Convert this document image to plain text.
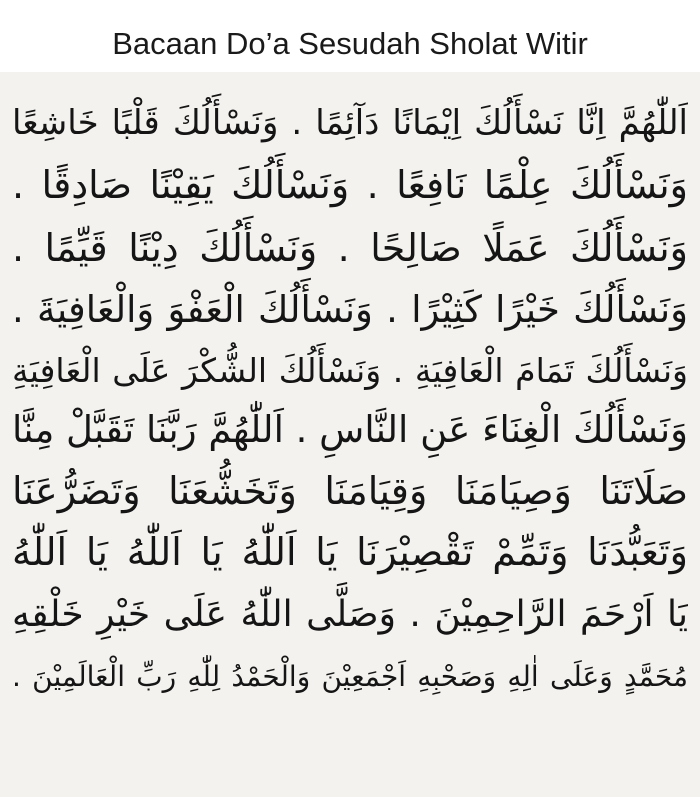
Bacaan Do’a Sesudah Sholat Witir
اَللّٰهُمَّ اِنَّا نَسْأَلُكَ اِيْمَانًا دَآئِمًا . وَنَسْأَلُكَ قَلْبًا خَاشِعًا
وَنَسْأَلُكَ عِلْمًا نَافِعًا . وَنَسْأَلُكَ يَقِيْنًا صَادِقًا .
وَنَسْأَلُكَ عَمَلًا صَالِحًا . وَنَسْأَلُكَ دِيْنًا قَيِّمًا .
وَنَسْأَلُكَ خَيْرًا كَثِيْرًا . وَنَسْأَلُكَ الْعَفْوَ وَالْعَافِيَةَ .
وَنَسْأَلُكَ تَمَامَ الْعَافِيَةِ . وَنَسْأَلُكَ الشُّكْرَ عَلَى الْعَافِيَةِ
وَنَسْأَلُكَ الْغِنَاءَ عَنِ النَّاسِ . اَللّٰهُمَّ رَبَّنَا تَقَبَّلْ مِنَّا
صَلَاتَنَا وَصِيَامَنَا وَقِيَامَنَا وَتَخَشُّعَنَا وَتَضَرُّعَنَا
وَتَعَبُّدَنَا وَتَمِّمْ تَقْصِيْرَنَا يَا اَللّٰهُ يَا اَللّٰهُ يَا اَللّٰهُ
يَا اَرْحَمَ الرَّاحِمِيْنَ . وَصَلَّى اللّٰهُ عَلَى خَيْرِ خَلْقِهِ
مُحَمَّدٍ وَعَلَى اٰلِهِ وَصَحْبِهِ اَجْمَعِيْنَ وَالْحَمْدُ لِلّٰهِ رَبِّ الْعَالَمِيْنَ .
